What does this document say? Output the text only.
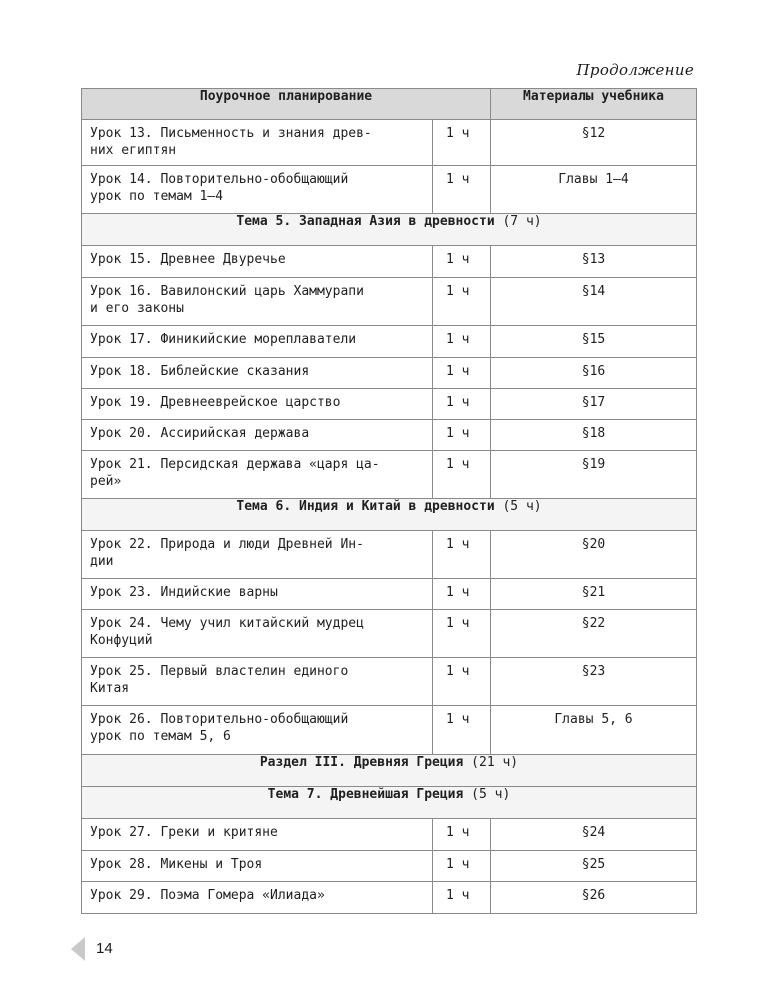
Продолжение
Поурочное планирование		Материалы учебника
Урок 13. Письменность и знания древ-
них египтян	1 ч	§12
Урок 14. Повторительно-обобщающий
урок по темам 1—4	1 ч	Главы 1—4
Тема 5. Западная Азия в древности (7 ч)		
Урок 15. Древнее Двуречье	1 ч	§13
Урок 16. Вавилонский царь Хаммурапи
и его законы	1 ч	§14
Урок 17. Финикийские мореплаватели	1 ч	§15
Урок 18. Библейские сказания	1 ч	§16
Урок 19. Древнееврейское царство	1 ч	§17
Урок 20. Ассирийская держава	1 ч	§18
Урок 21. Персидская держава «царя ца-
рей»	1 ч	§19
Тема 6. Индия и Китай в древности (5 ч)		
Урок 22. Природа и люди Древней Ин-
дии	1 ч	§20
Урок 23. Индийские варны	1 ч	§21
Урок 24. Чему учил китайский мудрец
Конфуций	1 ч	§22
Урок 25. Первый властелин единого
Китая	1 ч	§23
Урок 26. Повторительно-обобщающий
урок по темам 5, 6	1 ч	Главы 5, 6
Раздел III. Древняя Греция (21 ч)		
Тема 7. Древнейшая Греция (5 ч)		
Урок 27. Греки и критяне	1 ч	§24
Урок 28. Микены и Троя	1 ч	§25
Урок 29. Поэма Гомера «Илиада»	1 ч	§26
14
